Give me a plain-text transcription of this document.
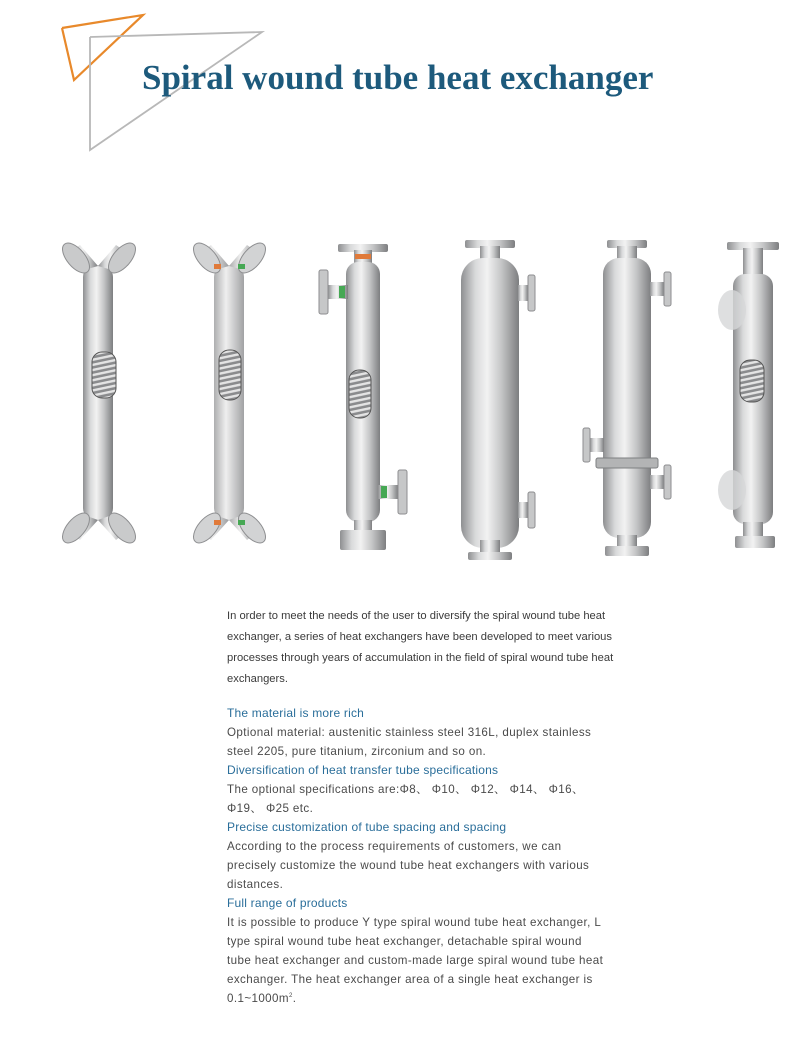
Spiral wound tube heat exchanger

In order to meet the needs of the user to diversify the spiral wound tube heat exchanger, a series of heat exchangers have been developed to meet various processes through years of accumulation in the field of spiral wound tube heat exchangers.

The material is more rich

Optional material: austenitic stainless steel 316L, duplex stainless steel 2205, pure titanium, zirconium and so on.

Diversification of heat transfer tube specifications

The optional specifications are:Φ8、 Φ10、 Φ12、 Φ14、 Φ16、 Φ19、 Φ25 etc.

Precise customization of tube spacing and spacing

According to the process requirements of customers, we can precisely customize the wound tube heat exchangers with various distances.

Full range of products

It is possible to produce Y type spiral wound tube heat exchanger, L type spiral wound tube heat exchanger, detachable spiral wound tube heat exchanger and custom-made large spiral wound tube heat exchanger. The heat exchanger area of a single heat exchanger is $0.1\sim 1000m^2$.
